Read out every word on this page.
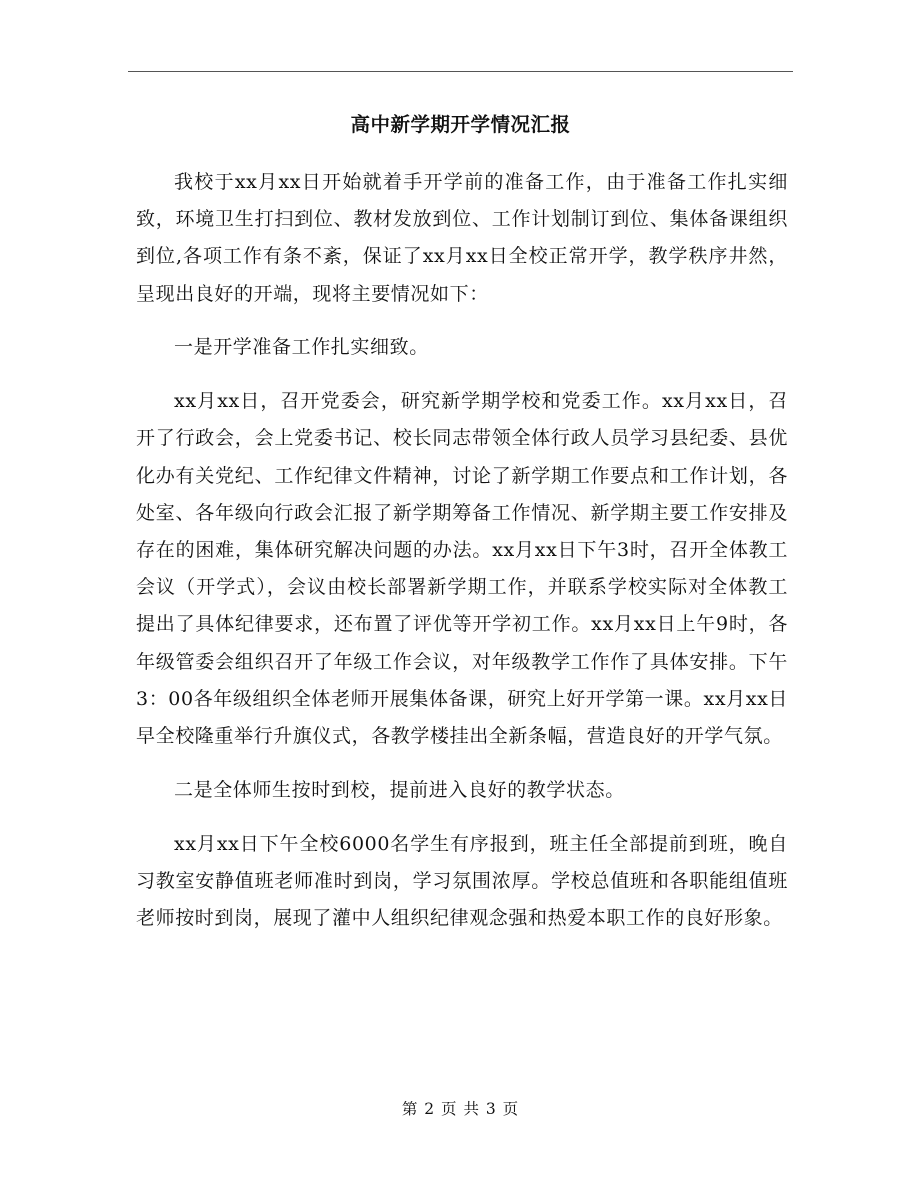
高中新学期开学情况汇报

我校于xx月xx日开始就着手开学前的准备工作，由于准备工作扎实细致，环境卫生打扫到位、教材发放到位、工作计划制订到位、集体备课组织到位,各项工作有条不紊，保证了xx月xx日全校正常开学，教学秩序井然，呈现出良好的开端，现将主要情况如下：

一是开学准备工作扎实细致。

xx月xx日，召开党委会，研究新学期学校和党委工作。xx月xx日，召开了行政会，会上党委书记、校长同志带领全体行政人员学习县纪委、县优化办有关党纪、工作纪律文件精神，讨论了新学期工作要点和工作计划，各处室、各年级向行政会汇报了新学期筹备工作情况、新学期主要工作安排及存在的困难，集体研究解决问题的办法。xx月xx日下午3时，召开全体教工会议（开学式），会议由校长部署新学期工作，并联系学校实际对全体教工提出了具体纪律要求，还布置了评优等开学初工作。xx月xx日上午9时，各年级管委会组织召开了年级工作会议，对年级教学工作作了具体安排。下午3：00各年级组织全体老师开展集体备课，研究上好开学第一课。xx月xx日早全校隆重举行升旗仪式，各教学楼挂出全新条幅，营造良好的开学气氛。

二是全体师生按时到校，提前进入良好的教学状态。

xx月xx日下午全校6000名学生有序报到，班主任全部提前到班，晚自习教室安静值班老师准时到岗，学习氛围浓厚。学校总值班和各职能组值班老师按时到岗，展现了灌中人组织纪律观念强和热爱本职工作的良好形象。

第 2 页 共 3 页
